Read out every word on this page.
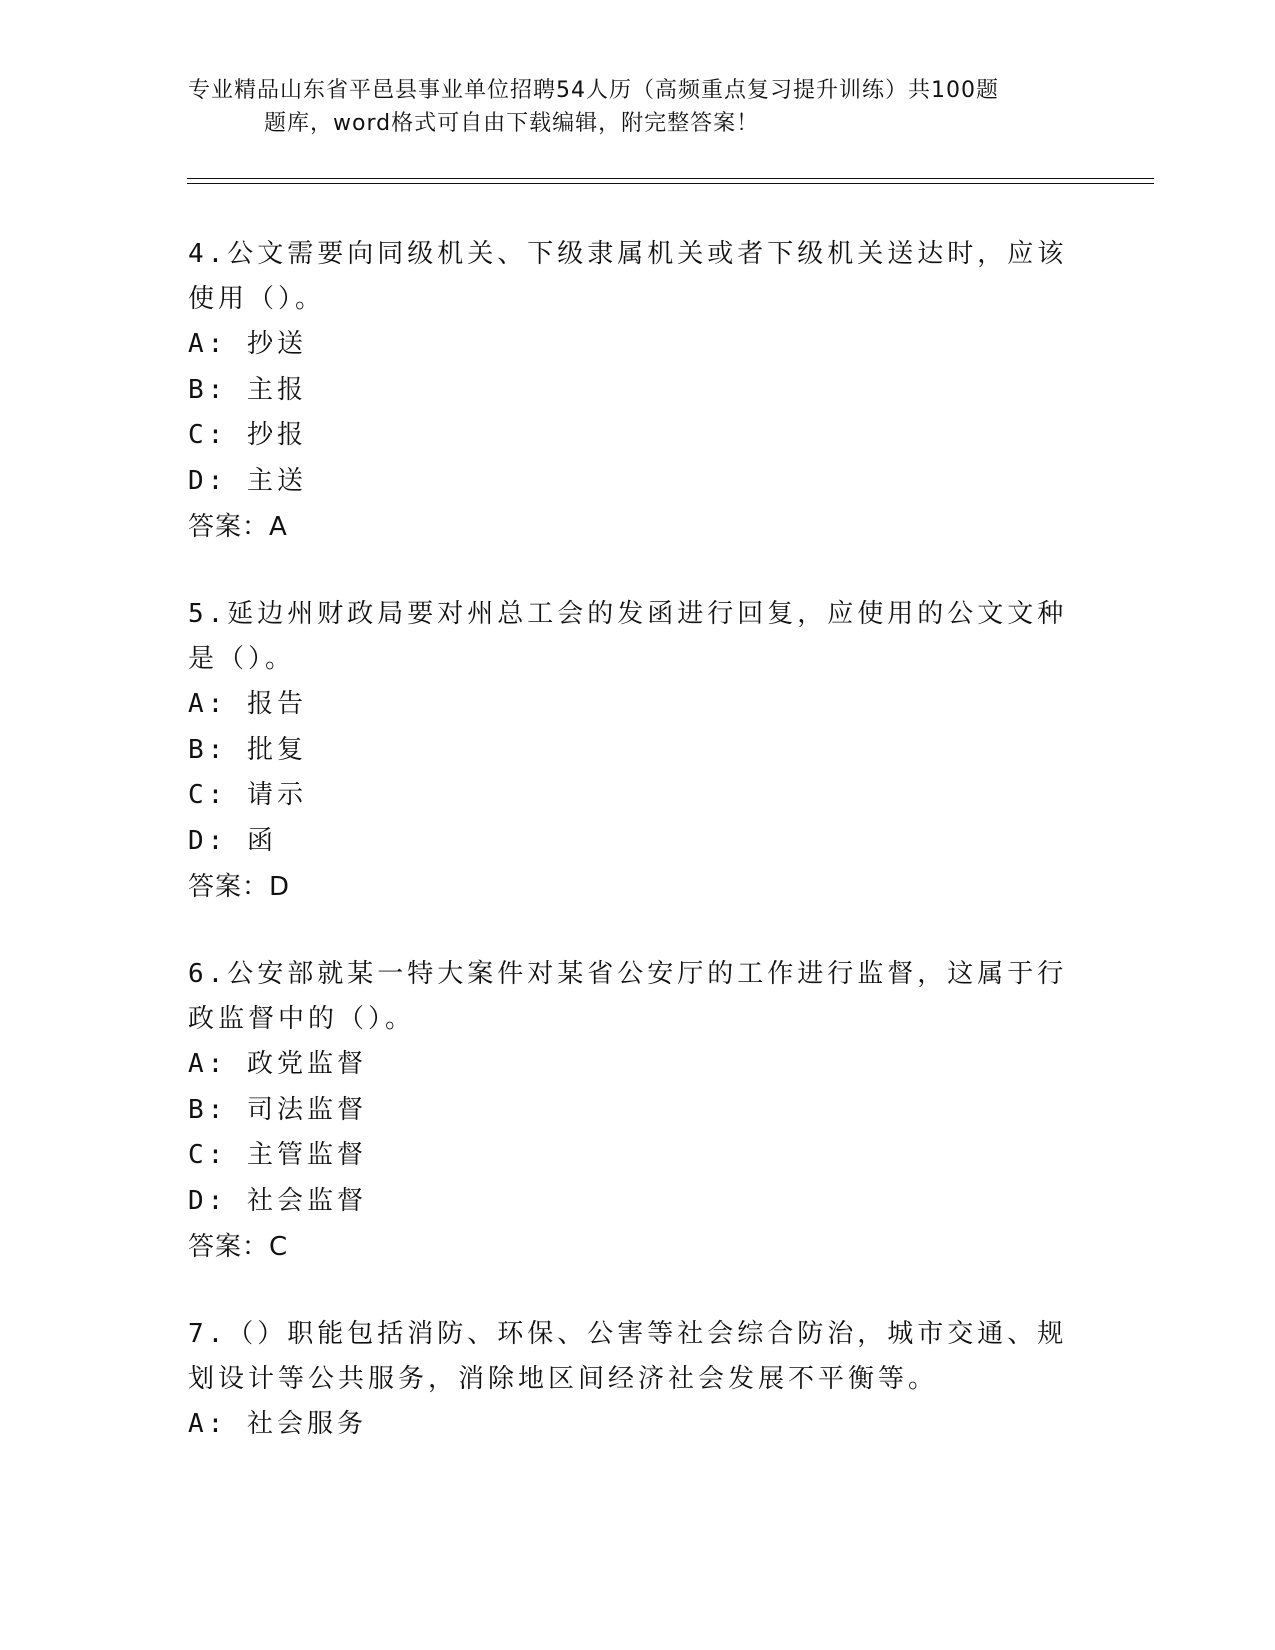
专业精品山东省平邑县事业单位招聘54人历（高频重点复习提升训练）共100题
题库，word格式可自由下载编辑，附完整答案！

4.公文需要向同级机关、下级隶属机关或者下级机关送达时，应该使用（）。

A: 抄送

B: 主报

C: 抄报

D: 主送

答案：A

5.延边州财政局要对州总工会的发函进行回复，应使用的公文文种是（）。

A: 报告

B: 批复

C: 请示

D: 函

答案：D

6.公安部就某一特大案件对某省公安厅的工作进行监督，这属于行政监督中的（）。

A: 政党监督

B: 司法监督

C: 主管监督

D: 社会监督

答案：C

7.（）职能包括消防、环保、公害等社会综合防治，城市交通、规划设计等公共服务，消除地区间经济社会发展不平衡等。

A: 社会服务
